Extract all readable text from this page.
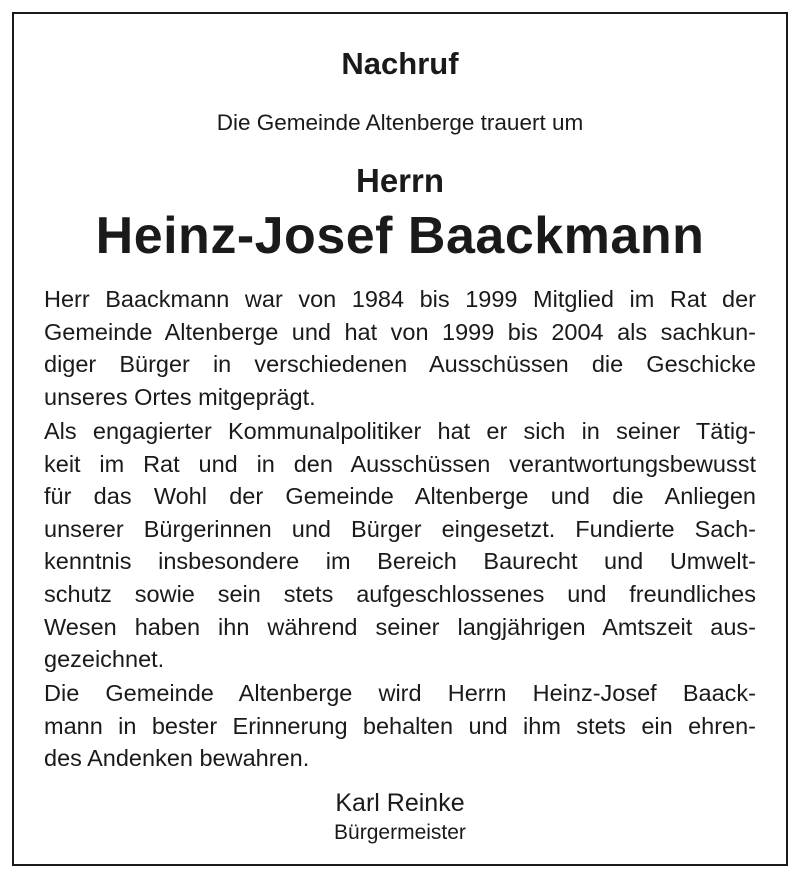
Nachruf

Die Gemeinde Altenberge trauert um

Herrn

Heinz-Josef Baackmann

Herr Baackmann war von 1984 bis 1999 Mitglied im Rat der
Gemeinde Altenberge und hat von 1999 bis 2004 als sachkun-
diger Bürger in verschiedenen Ausschüssen die Geschicke
unseres Ortes mitgeprägt.
Als engagierter Kommunalpolitiker hat er sich in seiner Tätig-
keit im Rat und in den Ausschüssen verantwortungsbewusst
für das Wohl der Gemeinde Altenberge und die Anliegen
unserer Bürgerinnen und Bürger eingesetzt. Fundierte Sach-
kenntnis insbesondere im Bereich Baurecht und Umwelt-
schutz sowie sein stets aufgeschlossenes und freundliches
Wesen haben ihn während seiner langjährigen Amtszeit aus-
gezeichnet.
Die Gemeinde Altenberge wird Herrn Heinz-Josef Baack-
mann in bester Erinnerung behalten und ihm stets ein ehren-
des Andenken bewahren.

Karl Reinke

Bürgermeister
